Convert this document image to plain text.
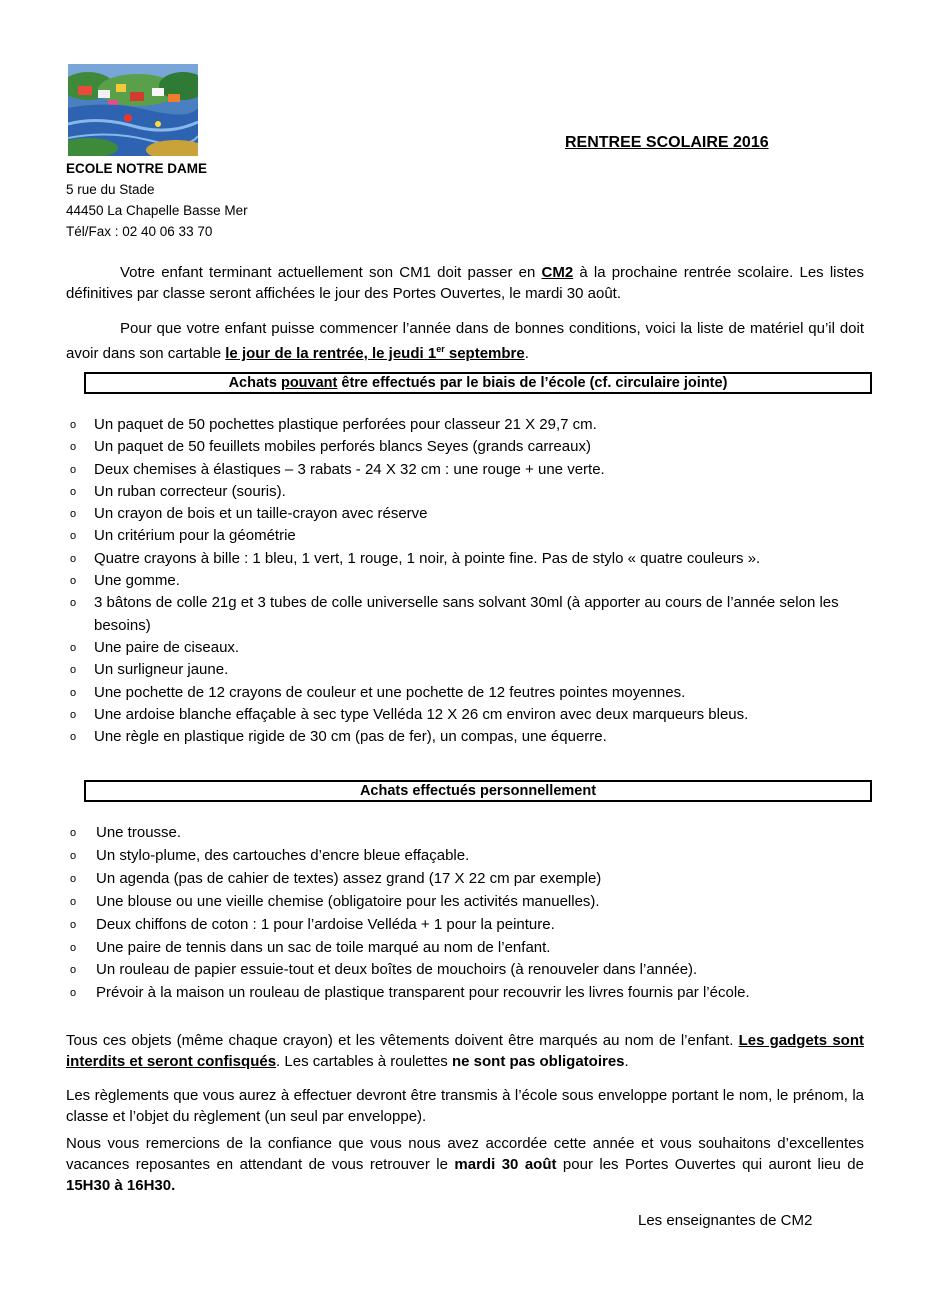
ECOLE NOTRE DAME
5 rue du Stade
44450 La Chapelle Basse Mer
Tél/Fax : 02 40 06 33 70
RENTREE SCOLAIRE 2016
Votre enfant terminant actuellement son CM1 doit passer en CM2 à la prochaine rentrée scolaire. Les listes définitives par classe seront affichées le jour des Portes Ouvertes, le mardi 30 août.
Pour que votre enfant puisse commencer l’année dans de bonnes conditions, voici la liste de matériel qu’il doit avoir dans son cartable le jour de la rentrée, le jeudi 1er septembre.
Achats pouvant être effectués par le biais de l’école (cf. circulaire jointe)
o Un paquet de 50 pochettes plastique perforées pour classeur 21 X 29,7 cm.
o Un paquet de 50 feuillets mobiles perforés blancs Seyes (grands carreaux)
o Deux chemises à élastiques – 3 rabats - 24 X 32 cm : une rouge + une verte.
o Un ruban correcteur (souris).
o Un crayon de bois et un taille-crayon avec réserve
o Un critérium pour la géométrie
o Quatre crayons à bille : 1 bleu, 1 vert, 1 rouge, 1 noir, à pointe fine. Pas de stylo « quatre couleurs ».
o Une gomme.
o 3 bâtons de colle 21g et 3 tubes de colle universelle sans solvant 30ml (à apporter au cours de l’année selon les besoins)
o Une paire de ciseaux.
o Un surligneur jaune.
o Une pochette de 12 crayons de couleur et une pochette de 12 feutres pointes moyennes.
o Une ardoise blanche effaçable à sec type Velléda 12 X 26 cm environ avec deux marqueurs bleus.
o Une règle en plastique rigide de 30 cm (pas de fer), un compas, une équerre.
Achats effectués personnellement
o Une trousse.
o Un stylo-plume, des cartouches d’encre bleue effaçable.
o Un agenda (pas de cahier de textes) assez grand (17 X 22 cm par exemple)
o Une blouse ou une vieille chemise (obligatoire pour les activités manuelles).
o Deux chiffons de coton : 1 pour l’ardoise Velléda + 1 pour la peinture.
o Une paire de tennis dans un sac de toile marqué au nom de l’enfant.
o Un rouleau de papier essuie-tout et deux boîtes de mouchoirs (à renouveler dans l’année).
o Prévoir à la maison un rouleau de plastique transparent pour recouvrir les livres fournis par l’école.
Tous ces objets (même chaque crayon) et les vêtements doivent être marqués au nom de l’enfant. Les gadgets sont interdits et seront confisqués. Les cartables à roulettes ne sont pas obligatoires.
Les règlements que vous aurez à effectuer devront être transmis à l’école sous enveloppe portant le nom, le prénom, la classe et l’objet du règlement (un seul par enveloppe).
Nous vous remercions de la confiance que vous nous avez accordée cette année et vous souhaitons d’excellentes vacances reposantes en attendant de vous retrouver le mardi 30 août pour les Portes Ouvertes qui auront lieu de 15H30 à 16H30.
Les enseignantes de CM2
